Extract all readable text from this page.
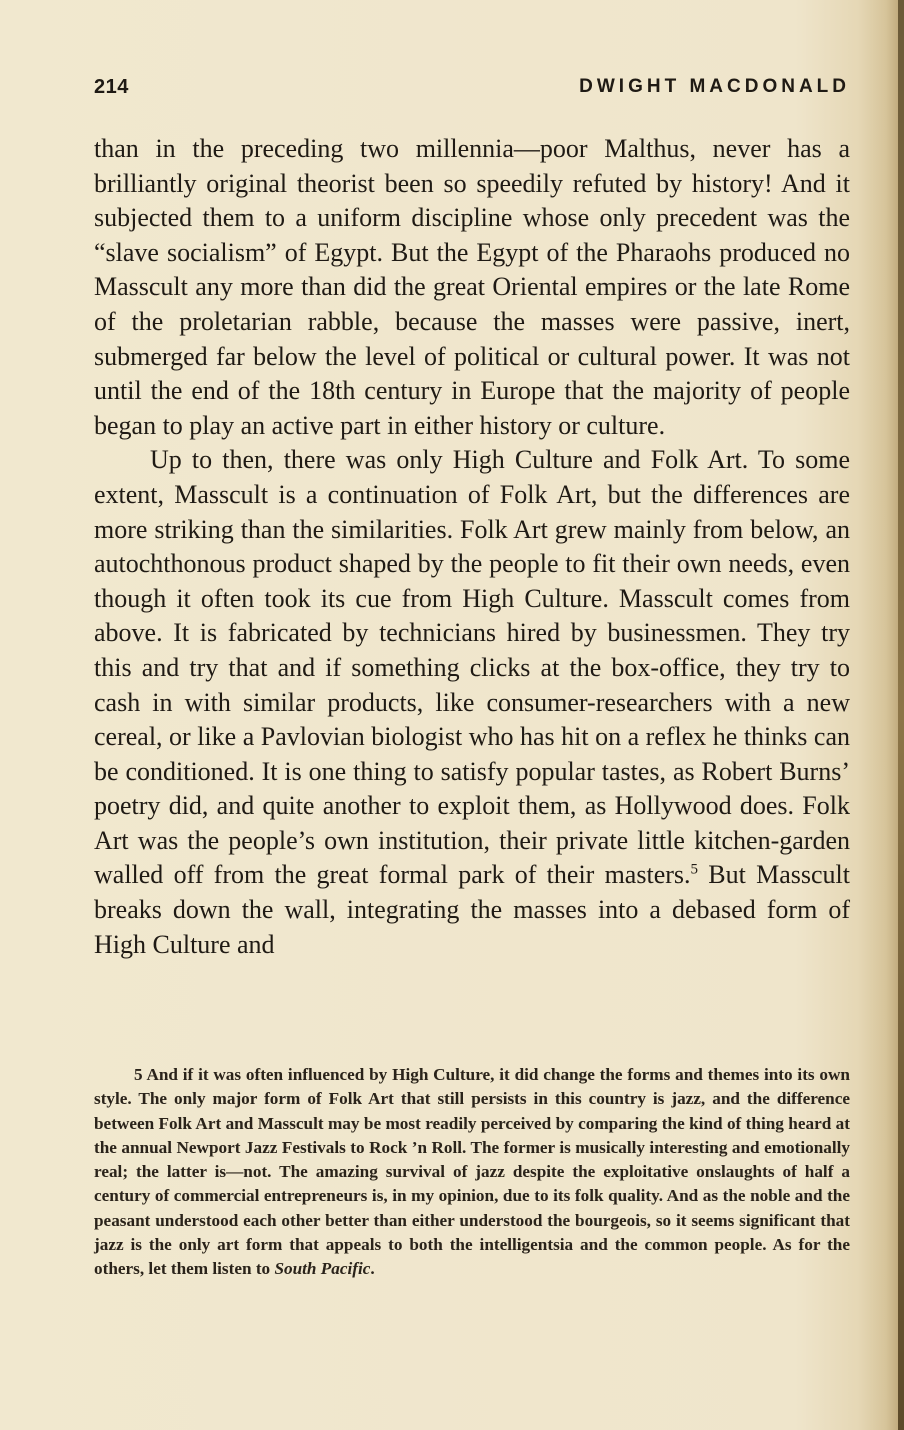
214	DWIGHT MACDONALD

than in the preceding two millennia—poor Malthus, never has a brilliantly original theorist been so speedily refuted by history! And it subjected them to a uniform discipline whose only precedent was the “slave socialism” of Egypt. But the Egypt of the Pharaohs produced no Masscult any more than did the great Oriental empires or the late Rome of the proletarian rabble, because the masses were passive, inert, submerged far below the level of political or cultural power. It was not until the end of the 18th century in Europe that the majority of people began to play an active part in either history or culture.

Up to then, there was only High Culture and Folk Art. To some extent, Masscult is a continuation of Folk Art, but the differences are more striking than the similarities. Folk Art grew mainly from below, an autochthonous product shaped by the people to fit their own needs, even though it often took its cue from High Culture. Masscult comes from above. It is fabricated by technicians hired by businessmen. They try this and try that and if something clicks at the box-office, they try to cash in with similar products, like consumer-researchers with a new cereal, or like a Pavlovian biologist who has hit on a reflex he thinks can be conditioned. It is one thing to satisfy popular tastes, as Robert Burns’ poetry did, and quite another to exploit them, as Hollywood does. Folk Art was the people’s own institution, their private little kitchen-garden walled off from the great formal park of their masters.$^5$ But Masscult breaks down the wall, integrating the masses into a debased form of High Culture and

5 And if it was often influenced by High Culture, it did change the forms and themes into its own style. The only major form of Folk Art that still persists in this country is jazz, and the difference between Folk Art and Masscult may be most readily perceived by comparing the kind of thing heard at the annual Newport Jazz Festivals to Rock ’n Roll. The former is musically interesting and emotionally real; the latter is—not. The amazing survival of jazz despite the exploitative onslaughts of half a century of commercial entrepreneurs is, in my opinion, due to its folk quality. And as the noble and the peasant understood each other better than either understood the bourgeois, so it seems significant that jazz is the only art form that appeals to both the intelligentsia and the common people. As for the others, let them listen to South Pacific.
